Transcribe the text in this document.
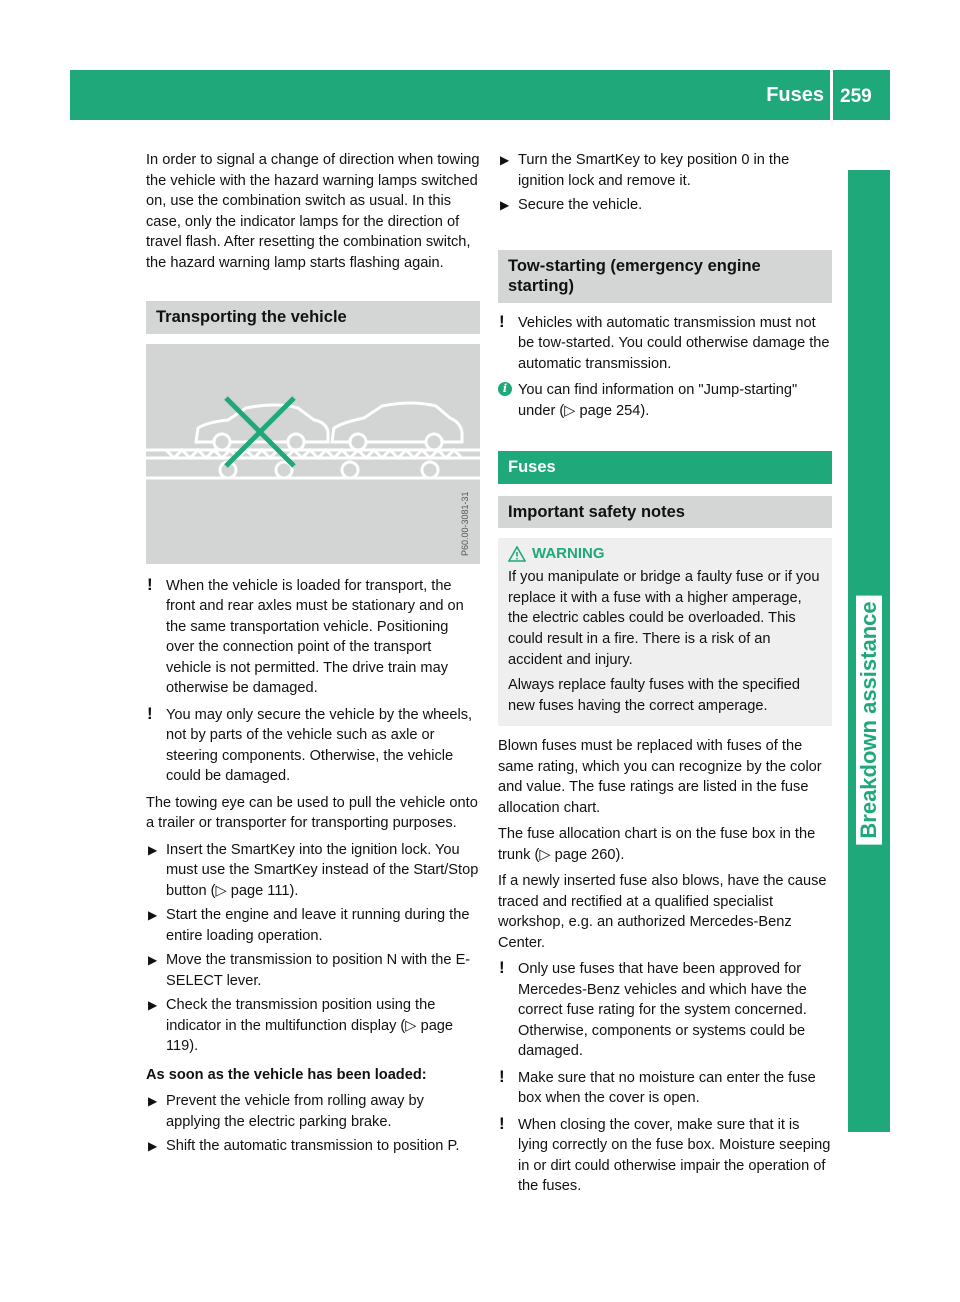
Fuses 259
Breakdown assistance

In order to signal a change of direction when towing the vehicle with the hazard warning lamps switched on, use the combination switch as usual. In this case, only the indicator lamps for the direction of travel flash. After resetting the combination switch, the hazard warning lamp starts flashing again.

Transporting the vehicle
P60.00-3081-31
! When the vehicle is loaded for transport, the front and rear axles must be stationary and on the same transportation vehicle. Positioning over the connection point of the transport vehicle is not permitted. The drive train may otherwise be damaged.
! You may only secure the vehicle by the wheels, not by parts of the vehicle such as axle or steering components. Otherwise, the vehicle could be damaged.

The towing eye can be used to pull the vehicle onto a trailer or transporter for transporting purposes.

▶ Insert the SmartKey into the ignition lock. You must use the SmartKey instead of the Start/Stop button (▷ page 111).
▶ Start the engine and leave it running during the entire loading operation.
▶ Move the transmission to position N with the E-SELECT lever.
▶ Check the transmission position using the indicator in the multifunction display (▷ page 119).

As soon as the vehicle has been loaded:

▶ Prevent the vehicle from rolling away by applying the electric parking brake.
▶ Shift the automatic transmission to position P.
▶ Turn the SmartKey to key position 0 in the ignition lock and remove it.
▶ Secure the vehicle.
Tow-starting (emergency engine starting)
! Vehicles with automatic transmission must not be tow-started. You could otherwise damage the automatic transmission.
i You can find information on "Jump-starting" under (▷ page 254).
Fuses
Important safety notes
WARNING

If you manipulate or bridge a faulty fuse or if you replace it with a fuse with a higher amperage, the electric cables could be overloaded. This could result in a fire. There is a risk of an accident and injury.

Always replace faulty fuses with the specified new fuses having the correct amperage.

Blown fuses must be replaced with fuses of the same rating, which you can recognize by the color and value. The fuse ratings are listed in the fuse allocation chart.

The fuse allocation chart is on the fuse box in the trunk (▷ page 260).

If a newly inserted fuse also blows, have the cause traced and rectified at a qualified specialist workshop, e.g. an authorized Mercedes-Benz Center.

! Only use fuses that have been approved for Mercedes-Benz vehicles and which have the correct fuse rating for the system concerned. Otherwise, components or systems could be damaged.
! Make sure that no moisture can enter the fuse box when the cover is open.
! When closing the cover, make sure that it is lying correctly on the fuse box. Moisture seeping in or dirt could otherwise impair the operation of the fuses.
